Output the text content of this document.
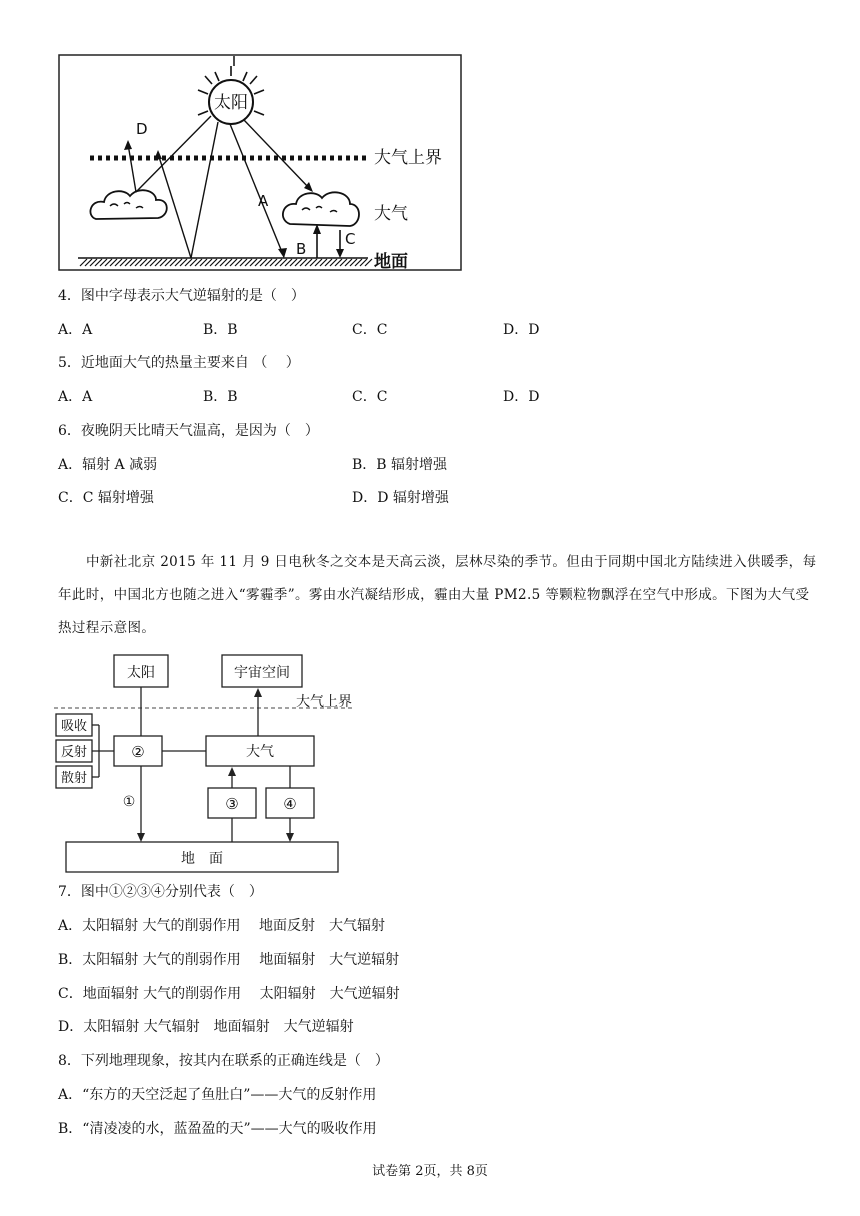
太阳
大气上界
大气
地面
A
B
C
D
4．图中字母表示大气逆辐射的是（　）
A．A	B．B	C．C	D．D
5．近地面大气的热量主要来自 （　 ）
A．A	B．B	C．C	D．D
6．夜晚阴天比晴天气温高，是因为（　）
A．辐射 A 减弱	B．B 辐射增强
C．C 辐射增强	D．D 辐射增强

中新社北京 2015 年 11 月 9 日电秋冬之交本是天高云淡，层林尽染的季节。但由于同期中国北方陆续进入供暖季，每年此时，中国北方也随之进入“雾霾季”。雾由水汽凝结形成，霾由大量 PM2.5 等颗粒物飘浮在空气中形成。下图为大气受热过程示意图。

太阳	宇宙空间
大气上界
吸收
反射
散射
②
①
大气
③	④
地　面
7．图中①②③④分别代表（　）
A．太阳辐射 大气的削弱作用　 地面反射　大气辐射
B．太阳辐射 大气的削弱作用　 地面辐射　大气逆辐射
C．地面辐射 大气的削弱作用　 太阳辐射　大气逆辐射
D．太阳辐射 大气辐射　地面辐射　大气逆辐射
8．下列地理现象，按其内在联系的正确连线是（　）
A．“东方的天空泛起了鱼肚白”——大气的反射作用
B．“清凌凌的水，蓝盈盈的天”——大气的吸收作用
试卷第 2页，共 8页
